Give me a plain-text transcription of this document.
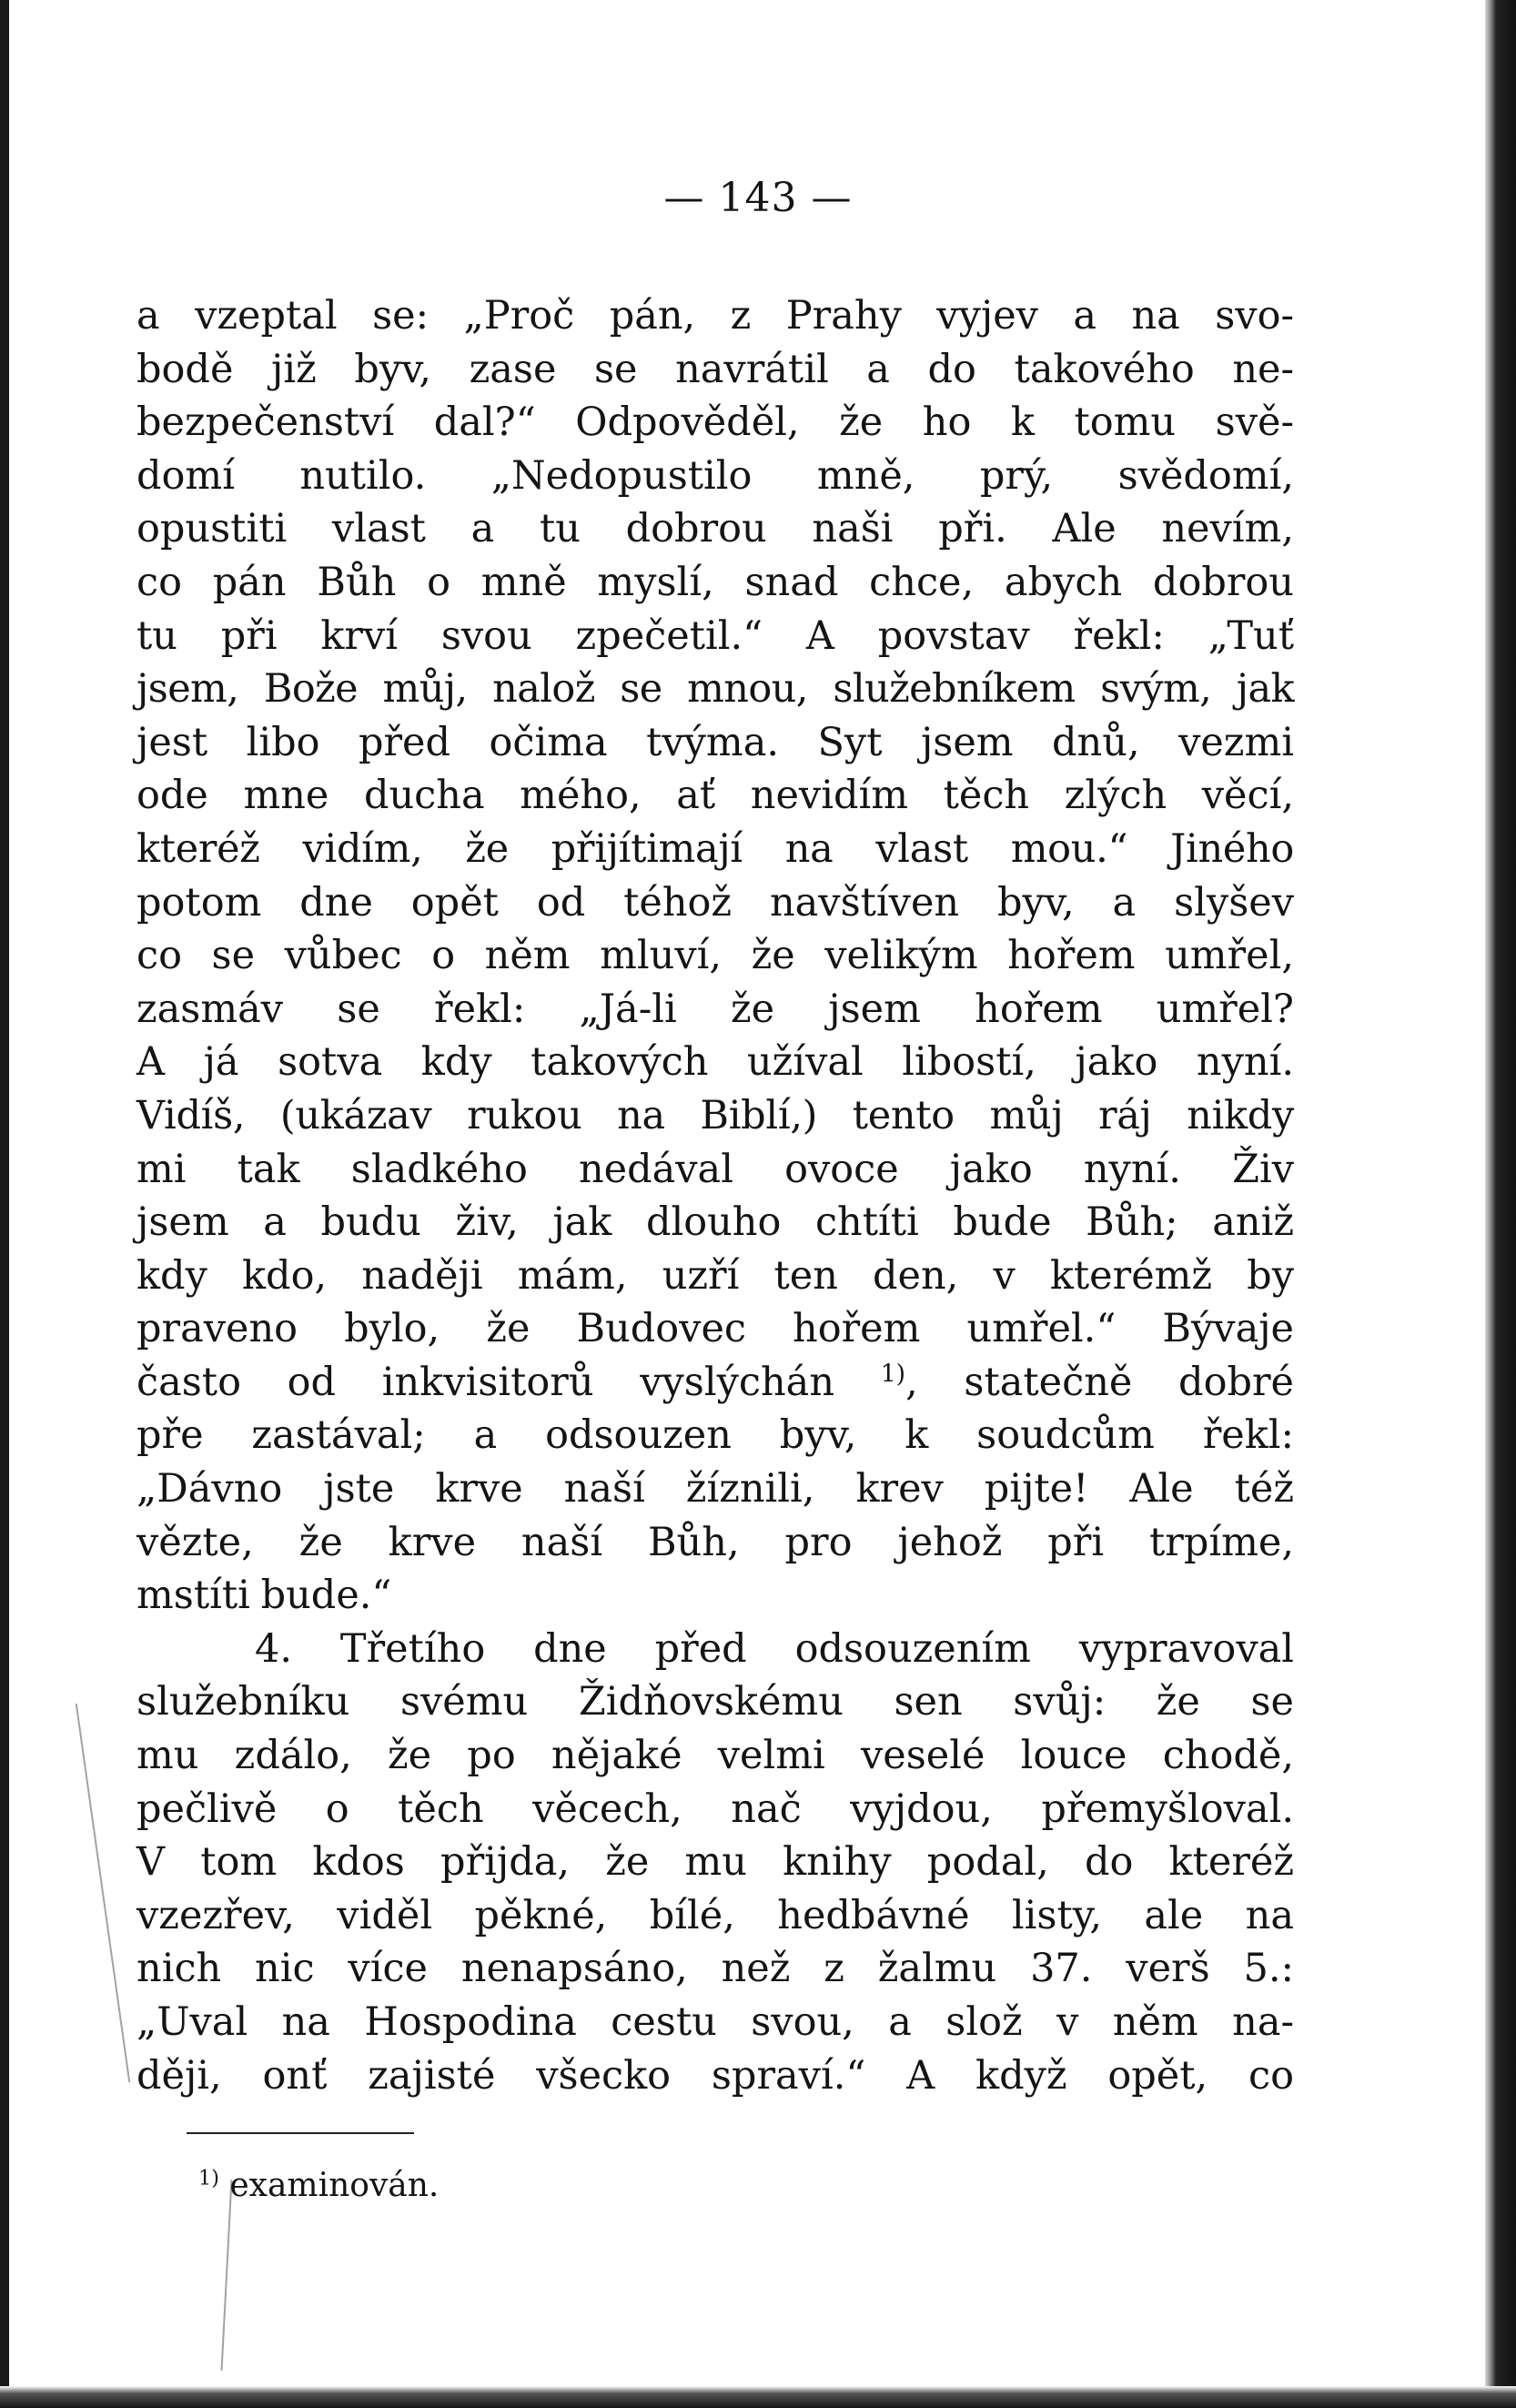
— 143 —
a vzeptal se: „Proč pán, z Prahy vyjev a na svo-
bodě již byv, zase se navrátil a do takového ne-
bezpečenství dal?“ Odpověděl, že ho k tomu svě-
domí nutilo. „Nedopustilo mně, prý, svědomí,
opustiti vlast a tu dobrou naši při. Ale nevím,
co pán Bůh o mně myslí, snad chce, abych dobrou
tu při krví svou zpečetil.“ A povstav řekl: „Tuť
jsem, Bože můj, nalož se mnou, služebníkem svým, jak
jest libo před očima tvýma. Syt jsem dnů, vezmi
ode mne ducha mého, ať nevidím těch zlých věcí,
kteréž vidím, že přijítimají na vlast mou.“ Jiného
potom dne opět od téhož navštíven byv, a slyšev
co se vůbec o něm mluví, že velikým hořem umřel,
zasmáv se řekl: „Já-li že jsem hořem umřel?
A já sotva kdy takových užíval libostí, jako nyní.
Vidíš, (ukázav rukou na Biblí,) tento můj ráj nikdy
mi tak sladkého nedával ovoce jako nyní. Živ
jsem a budu živ, jak dlouho chtíti bude Bůh; aniž
kdy kdo, naději mám, uzří ten den, v kterémž by
praveno bylo, že Budovec hořem umřel.“ Bývaje
často od inkvisitorů vyslýchán $^{1)}$, statečně dobré
pře zastával; a odsouzen byv, k soudcům řekl:
„Dávno jste krve naší žíznili, krev pijte! Ale též
vězte, že krve naší Bůh, pro jehož při trpíme,
mstíti bude.“
4. Třetího dne před odsouzením vypravoval
služebníku svému Židňovskému sen svůj: že se
mu zdálo, že po nějaké velmi veselé louce chodě,
pečlivě o těch věcech, nač vyjdou, přemyšloval.
V tom kdos přijda, že mu knihy podal, do kteréž
vzezřev, viděl pěkné, bílé, hedbávné listy, ale na
nich nic více nenapsáno, než z žalmu 37. verš 5.:
„Uval na Hospodina cestu svou, a slož v něm na-
ději, onť zajisté všecko spraví.“ A když opět, co
$^{1)}$ examinován.
